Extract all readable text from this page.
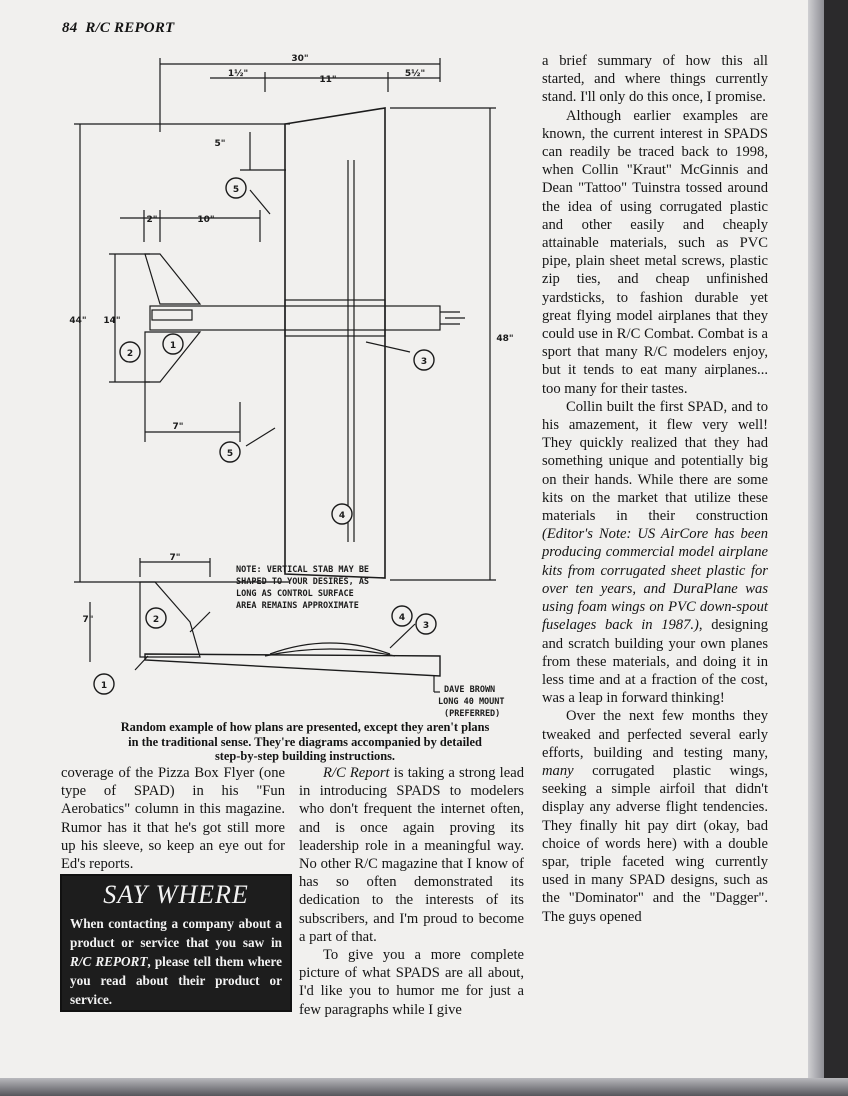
84 R/C REPORT
5
2
1
3
5
4
2	4
3
1
30"
1½"
11"
5½"
5"
2"	10"
44" 14"
48"
7"
7"
7"
NOTE: VERTICAL STAB MAY BE
SHAPED TO YOUR DESIRES, AS
LONG AS CONTROL SURFACE
AREA REMAINS APPROXIMATE
DAVE BROWN
LONG 40 MOUNT
(PREFERRED)
Random example of how plans are presented, except they aren't plans
in the traditional sense. They're diagrams accompanied by detailed
step-by-step building instructions.

coverage of the Pizza Box Flyer (one type of SPAD) in his "Fun Aerobatics" column in this magazine. Rumor has it that he's got still more up his sleeve, so keep an eye out for Ed's reports.

SAY WHERE
When contacting a company about a product or service that you saw in R/C REPORT, please tell them where you read about their product or service.

R/C Report is taking a strong lead in introducing SPADS to modelers who don't frequent the internet often, and is once again proving its leadership role in a meaningful way. No other R/C magazine that I know of has so often demonstrated its dedication to the interests of its subscribers, and I'm proud to become a part of that.

To give you a more complete picture of what SPADS are all about, I'd like you to humor me for just a few paragraphs while I give

a brief summary of how this all started, and where things currently stand. I'll only do this once, I promise.

Although earlier examples are known, the current interest in SPADS can readily be traced back to 1998, when Collin "Kraut" McGinnis and Dean "Tattoo" Tuinstra tossed around the idea of using corrugated plastic and other easily and cheaply attainable materials, such as PVC pipe, plain sheet metal screws, plastic zip ties, and cheap unfinished yardsticks, to fashion durable yet great flying model airplanes that they could use in R/C Combat. Combat is a sport that many R/C modelers enjoy, but it tends to eat many airplanes... too many for their tastes.

Collin built the first SPAD, and to his amazement, it flew very well! They quickly realized that they had something unique and potentially big on their hands. While there are some kits on the market that utilize these materials in their construction (Editor's Note: US AirCore has been producing commercial model airplane kits from corrugated sheet plastic for over ten years, and DuraPlane was using foam wings on PVC down-spout fuselages back in 1987.), designing and scratch building your own planes from these materials, and doing it in less time and at a fraction of the cost, was a leap in forward thinking!

Over the next few months they tweaked and perfected several early efforts, building and testing many, many corrugated plastic wings, seeking a simple airfoil that didn't display any adverse flight tendencies. They finally hit pay dirt (okay, bad choice of words here) with a double spar, triple faceted wing currently used in many SPAD designs, such as the "Dominator" and the "Dagger". The guys opened
